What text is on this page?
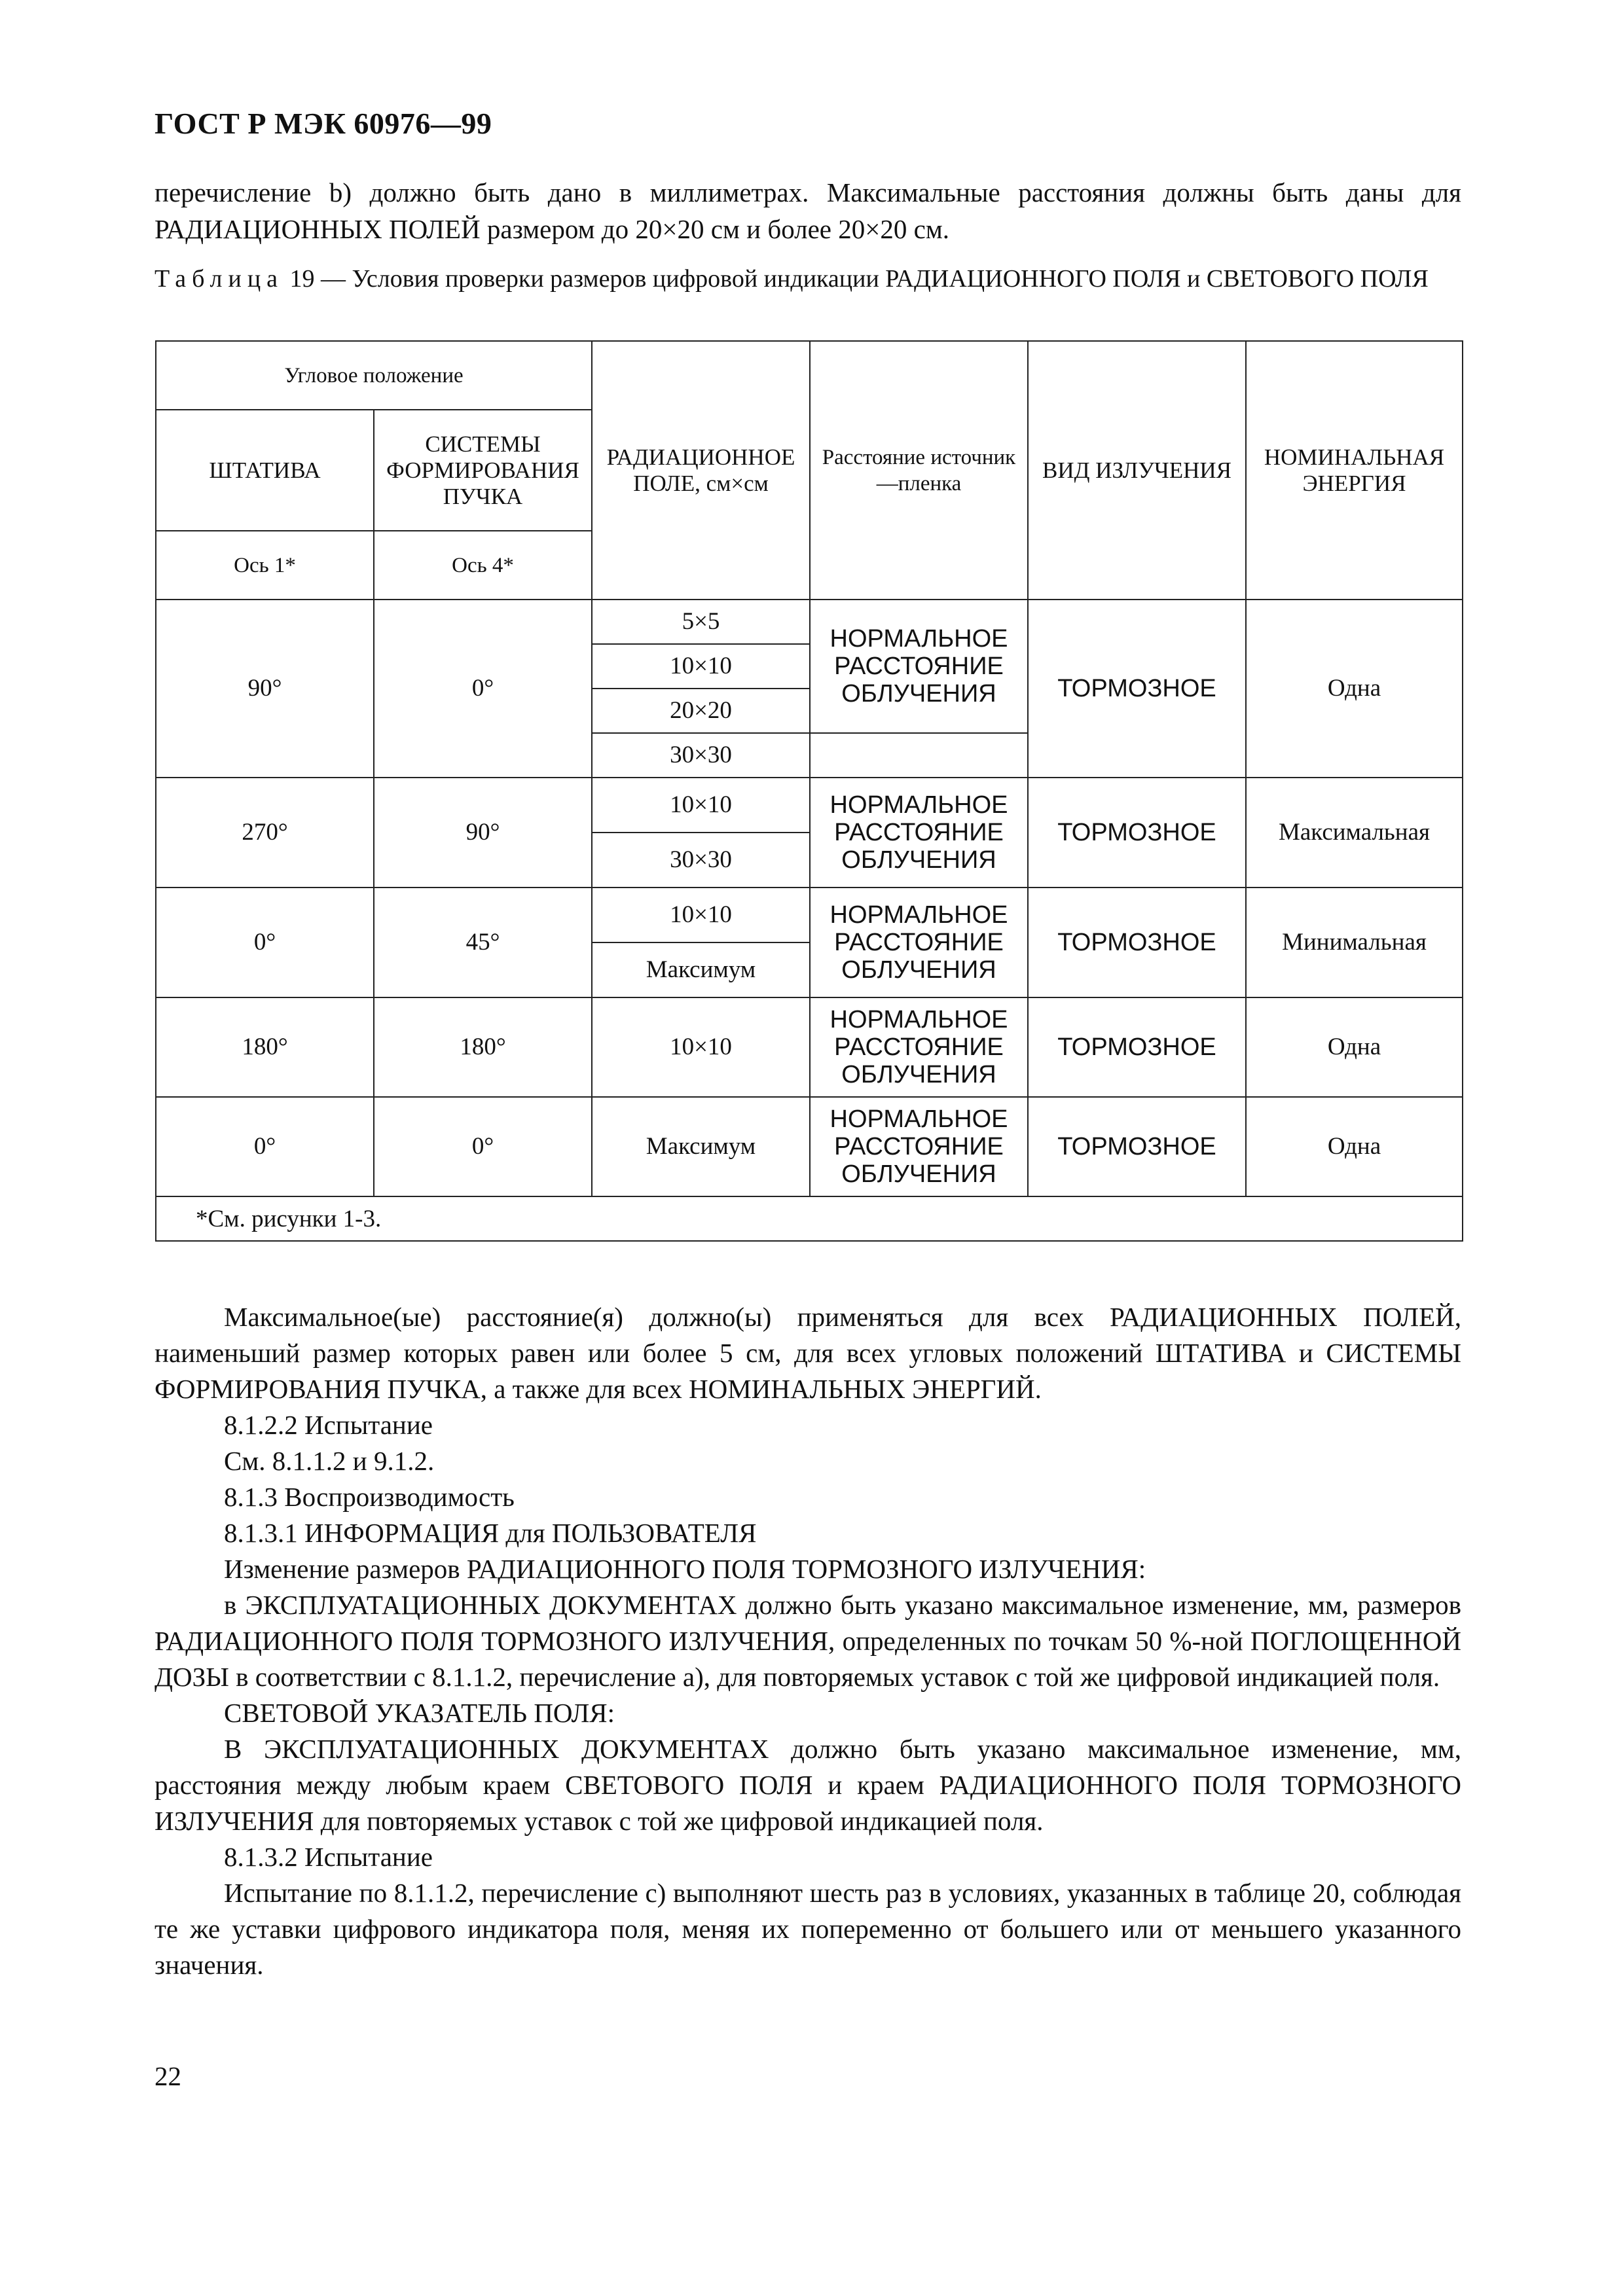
ГОСТ Р МЭК 60976—99
перечисление b) должно быть дано в миллиметрах. Максимальные расстояния должны быть даны для РАДИАЦИОННЫХ ПОЛЕЙ размером до 20×20 см и более 20×20 см.
Таблица 19 — Условия проверки размеров цифровой индикации РАДИАЦИОННОГО ПОЛЯ и СВЕТОВОГО ПОЛЯ
Угловое положение		РАДИАЦИОННОЕ ПОЛЕ, см×см	Расстояние источник—пленка	ВИД ИЗЛУЧЕНИЯ	НОМИНАЛЬНАЯ ЭНЕРГИЯ
ШТАТИВА	СИСТЕМЫ ФОРМИРОВАНИЯ ПУЧКА				
Ось 1*	Ось 4*				
90°	0°	5×5	НОРМАЛЬНОЕ РАССТОЯНИЕ ОБЛУЧЕНИЯ	ТОРМОЗНОЕ	Одна
		10×10			
		20×20			
		30×30			
270°	90°	10×10	НОРМАЛЬНОЕ РАССТОЯНИЕ ОБЛУЧЕНИЯ	ТОРМОЗНОЕ	Максимальная
		30×30			
0°	45°	10×10	НОРМАЛЬНОЕ РАССТОЯНИЕ ОБЛУЧЕНИЯ	ТОРМОЗНОЕ	Минимальная
		Максимум			
180°	180°	10×10	НОРМАЛЬНОЕ РАССТОЯНИЕ ОБЛУЧЕНИЯ	ТОРМОЗНОЕ	Одна
0°	0°	Максимум	НОРМАЛЬНОЕ РАССТОЯНИЕ ОБЛУЧЕНИЯ	ТОРМОЗНОЕ	Одна
*См. рисунки 1-3.					

Максимальное(ые) расстояние(я) должно(ы) применяться для всех РАДИАЦИОННЫХ ПОЛЕЙ, наименьший размер которых равен или более 5 см, для всех угловых положений ШТАТИВА и СИСТЕМЫ ФОРМИРОВАНИЯ ПУЧКА, а также для всех НОМИНАЛЬНЫХ ЭНЕРГИЙ.

8.1.2.2 Испытание

См. 8.1.1.2 и 9.1.2.

8.1.3 Воспроизводимость

8.1.3.1 ИНФОРМАЦИЯ для ПОЛЬЗОВАТЕЛЯ

Изменение размеров РАДИАЦИОННОГО ПОЛЯ ТОРМОЗНОГО ИЗЛУЧЕНИЯ:

в ЭКСПЛУАТАЦИОННЫХ ДОКУМЕНТАХ должно быть указано максимальное изменение, мм, размеров РАДИАЦИОННОГО ПОЛЯ ТОРМОЗНОГО ИЗЛУЧЕНИЯ, определенных по точкам 50 %-ной ПОГЛОЩЕННОЙ ДОЗЫ в соответствии с 8.1.1.2, перечисление а), для повторяемых уставок с той же цифровой индикацией поля.

СВЕТОВОЙ УКАЗАТЕЛЬ ПОЛЯ:

В ЭКСПЛУАТАЦИОННЫХ ДОКУМЕНТАХ должно быть указано максимальное изменение, мм, расстояния между любым краем СВЕТОВОГО ПОЛЯ и краем РАДИАЦИОННОГО ПОЛЯ ТОРМОЗНОГО ИЗЛУЧЕНИЯ для повторяемых уставок с той же цифровой индикацией поля.

8.1.3.2 Испытание

Испытание по 8.1.1.2, перечисление с) выполняют шесть раз в условиях, указанных в таблице 20, соблюдая те же уставки цифрового индикатора поля, меняя их попеременно от большего или от меньшего указанного значения.

22
